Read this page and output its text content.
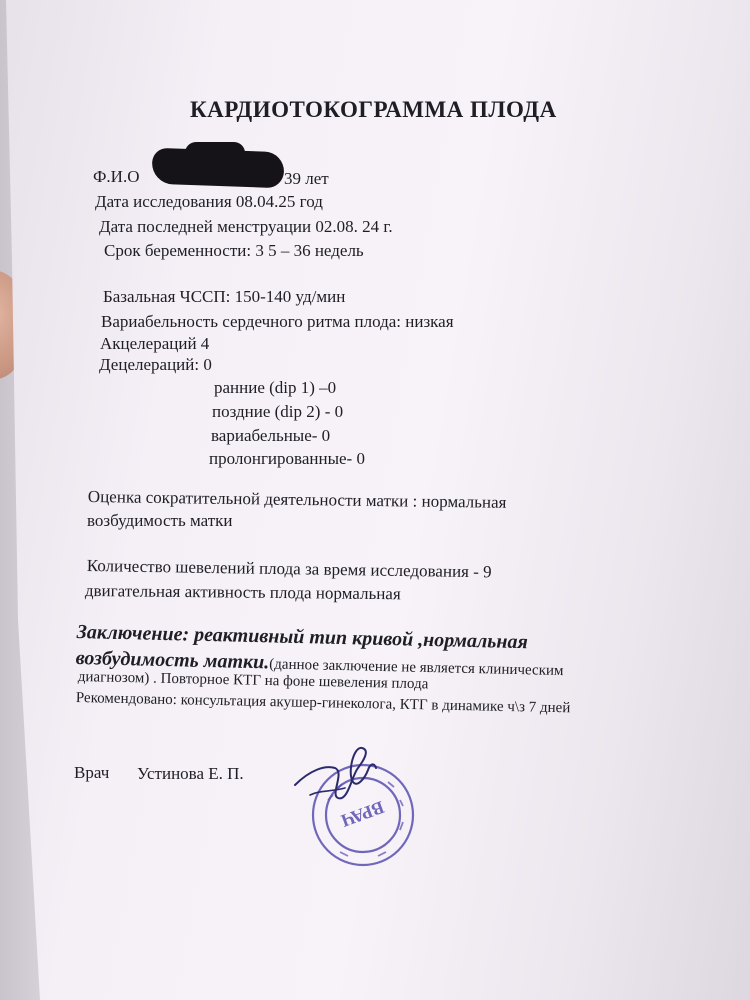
КАРДИОТОКОГРАММА ПЛОДА
Ф.И.О	39 лет
Дата исследования 08.04.25 год
Дата последней менструации 02.08. 24 г.
Срок беременности: 3 5 – 36 недель
Базальная ЧССП: 150-140 уд/мин
Вариабельность сердечного ритма плода: низкая
Акцелераций 4
Децелераций: 0
ранние (dip 1) –0
поздние (dip 2) - 0
вариабельные- 0
пролонгированные- 0
Оценка сократительной деятельности матки : нормальная
возбудимость матки
Количество шевелений плода за время исследования - 9
двигательная активность плода нормальная
Заключение: реактивный тип кривой ,нормальная
возбудимость матки.(данное заключение не является клиническим
диагнозом) . Повторное КТГ на фоне шевеления плода
Рекомендовано: консультация акушер-гинеколога, КТГ в динамике ч\з 7 дней
Врач Устинова Е. П.
ВРАЧ
